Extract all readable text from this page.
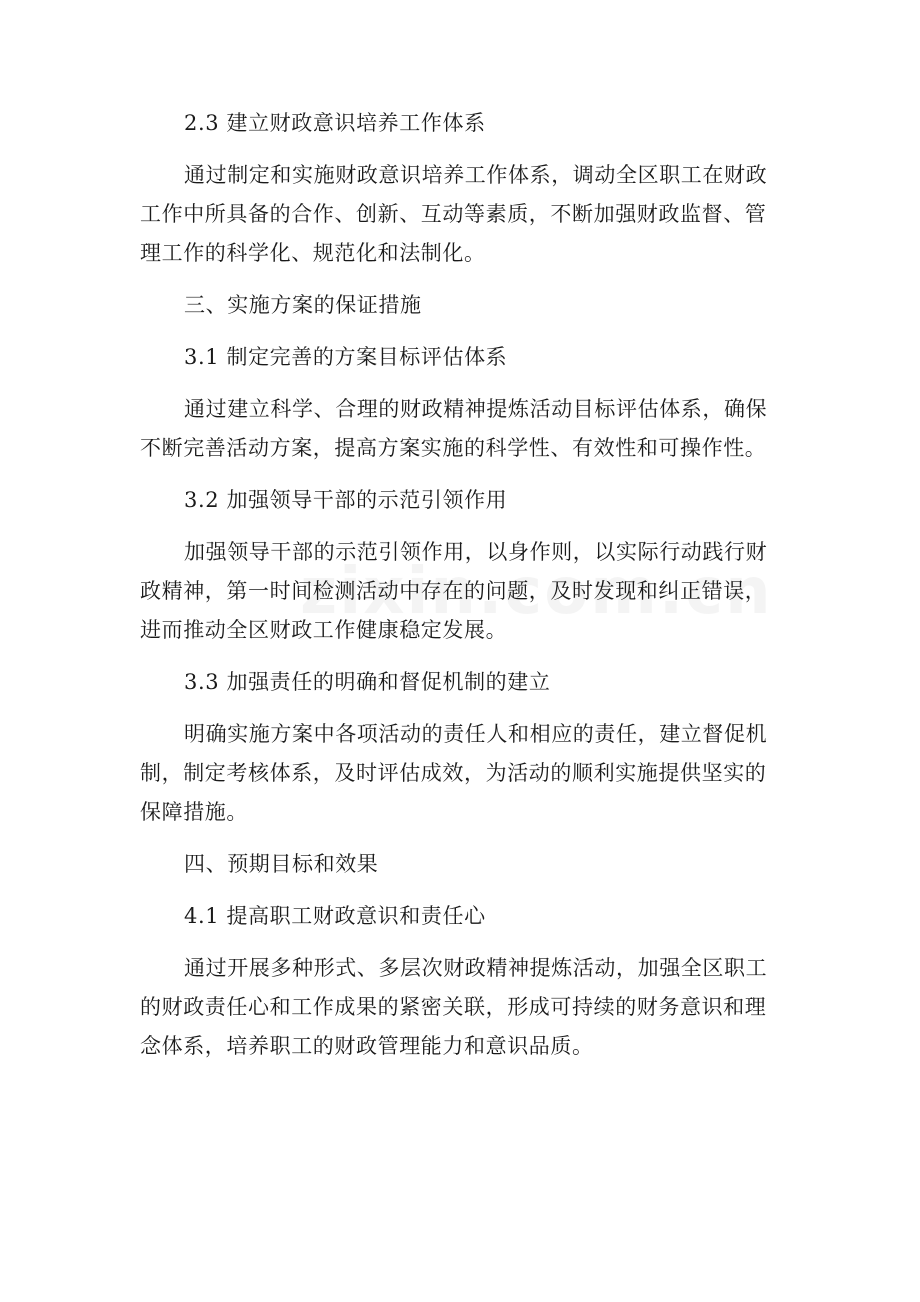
2.3 建立财政意识培养工作体系

通过制定和实施财政意识培养工作体系，调动全区职工在财政
工作中所具备的合作、创新、互动等素质，不断加强财政监督、管
理工作的科学化、规范化和法制化。

三、实施方案的保证措施

3.1 制定完善的方案目标评估体系

通过建立科学、合理的财政精神提炼活动目标评估体系，确保
不断完善活动方案，提高方案实施的科学性、有效性和可操作性。

3.2 加强领导干部的示范引领作用

加强领导干部的示范引领作用，以身作则，以实际行动践行财
政精神，第一时间检测活动中存在的问题，及时发现和纠正错误，
进而推动全区财政工作健康稳定发展。

3.3 加强责任的明确和督促机制的建立

明确实施方案中各项活动的责任人和相应的责任，建立督促机
制，制定考核体系，及时评估成效，为活动的顺利实施提供坚实的
保障措施。

四、预期目标和效果

4.1 提高职工财政意识和责任心

通过开展多种形式、多层次财政精神提炼活动，加强全区职工
的财政责任心和工作成果的紧密关联，形成可持续的财务意识和理
念体系，培养职工的财政管理能力和意识品质。
